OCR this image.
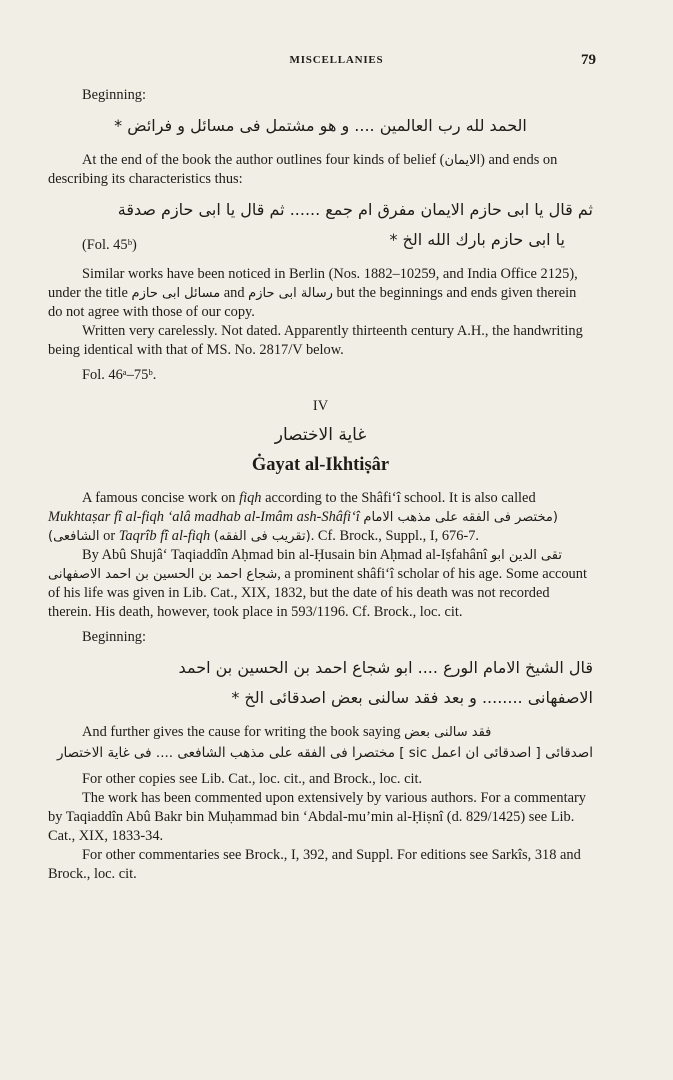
MISCELLANIES	79

Beginning:

الحمد لله رب العالمين .... و هو مشتمل فى مسائل و فرائض *

At the end of the book the author outlines four kinds of belief (الايمان) and ends on describing its characteristics thus:

ثم قال يا ابى حازم الايمان مفرق ام جمع ...... ثم قال يا ابى حازم صدقة

(Fol. 45ᵇ)	يا ابى حازم بارك الله الخ *

Similar works have been noticed in Berlin (Nos. 1882–10259, and India Office 2125), under the title مسائل ابى حازم and رسالة ابى حازم but the beginnings and ends given therein do not agree with those of our copy.

Written very carelessly. Not dated. Apparently thirteenth century A.H., the handwriting being identical with that of MS. No. 2817/V below.

Fol. 46ᵃ–75ᵇ.

IV
غاية الاختصار
Ġayat al-Ikhtiṣâr

A famous concise work on fiqh according to the Shâfi‘î school. It is also called Mukhtaṣar fî al-fiqh ‘alâ madhab al-Imâm ash-Shâfi‘î (مختصر فى الفقه على مذهب الامام الشافعى) or Taqrîb fî al-fiqh (تقريب فى الفقه). Cf. Brock., Suppl., I, 676-7.

By Abû Shujâ‘ Taqiaddîn Aḥmad bin al-Ḥusain bin Aḥmad al-Iṣfahânî تقى الدين ابو شجاع احمد بن الحسين بن احمد الاصفهانى, a prominent shâfi‘î scholar of his age. Some account of his life was given in Lib. Cat., XIX, 1832, but the date of his death was not recorded therein. His death, however, took place in 593/1196. Cf. Brock., loc. cit.

Beginning:

قال الشيخ الامام الورع .... ابو شجاع احمد بن الحسين بن احمد

الاصفهانى ........ و بعد فقد سالنى بعض اصدقائى الخ *

And further gives the cause for writing the book saying فقد سالنى بعض

اصدقائى [ اصدقائى ان اعمل sic ] مختصرا فى الفقه على مذهب الشافعى .... فى غاية الاختصار

For other copies see Lib. Cat., loc. cit., and Brock., loc. cit.

The work has been commented upon extensively by various authors. For a commentary by Taqiaddîn Abû Bakr bin Muḥammad bin ‘Abdal-mu’min al-Ḥiṣnî (d. 829/1425) see Lib. Cat., XIX, 1833-34.

For other commentaries see Brock., I, 392, and Suppl. For editions see Sarkîs, 318 and Brock., loc. cit.
